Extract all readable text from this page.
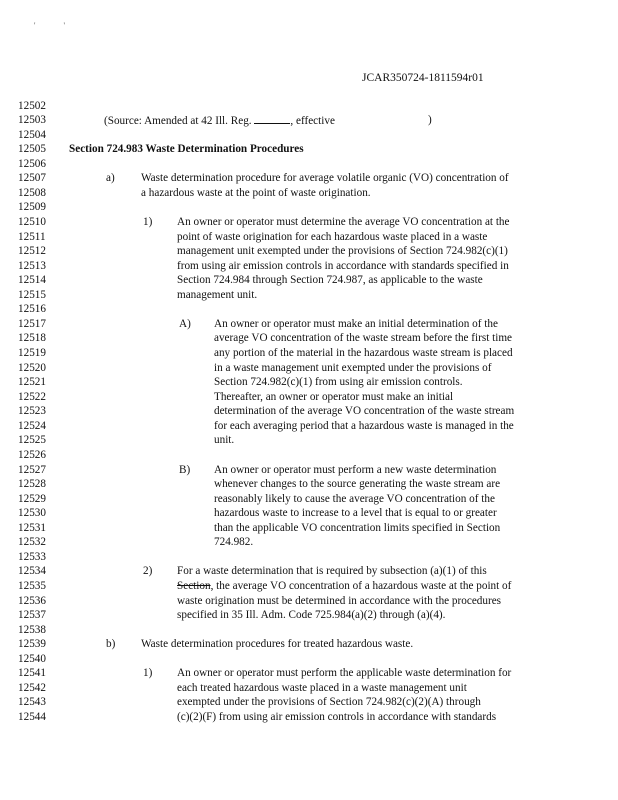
''
JCAR350724-1811594r01
12502
12503	(Source: Amended at 42 Ill. Reg.	, effective	)
12504
12505 Section 724.983 Waste Determination Procedures
12506
12507	a) Waste determination procedure for average volatile organic (VO) concentration of
12508	a hazardous waste at the point of waste origination.
12509
12510	1) An owner or operator must determine the average VO concentration at the
12511	point of waste origination for each hazardous waste placed in a waste
12512	management unit exempted under the provisions of Section 724.982(c)(1)
12513	from using air emission controls in accordance with standards specified in
12514	Section 724.984 through Section 724.987, as applicable to the waste
12515	management unit.
12516
12517	A) An owner or operator must make an initial determination of the
12518	average VO concentration of the waste stream before the first time
12519	any portion of the material in the hazardous waste stream is placed
12520	in a waste management unit exempted under the provisions of
12521	Section 724.982(c)(1) from using air emission controls.
12522	Thereafter, an owner or operator must make an initial
12523	determination of the average VO concentration of the waste stream
12524	for each averaging period that a hazardous waste is managed in the
12525	unit.
12526
12527	B) An owner or operator must perform a new waste determination
12528	whenever changes to the source generating the waste stream are
12529	reasonably likely to cause the average VO concentration of the
12530	hazardous waste to increase to a level that is equal to or greater
12531	than the applicable VO concentration limits specified in Section
12532	724.982.
12533
12534	2) For a waste determination that is required by subsection (a)(1) of this
12535	Section, the average VO concentration of a hazardous waste at the point of
12536	waste origination must be determined in accordance with the procedures
12537	specified in 35 Ill. Adm. Code 725.984(a)(2) through (a)(4).
12538
12539	b) Waste determination procedures for treated hazardous waste.
12540
12541	1) An owner or operator must perform the applicable waste determination for
12542	each treated hazardous waste placed in a waste management unit
12543	exempted under the provisions of Section 724.982(c)(2)(A) through
12544	(c)(2)(F) from using air emission controls in accordance with standards
